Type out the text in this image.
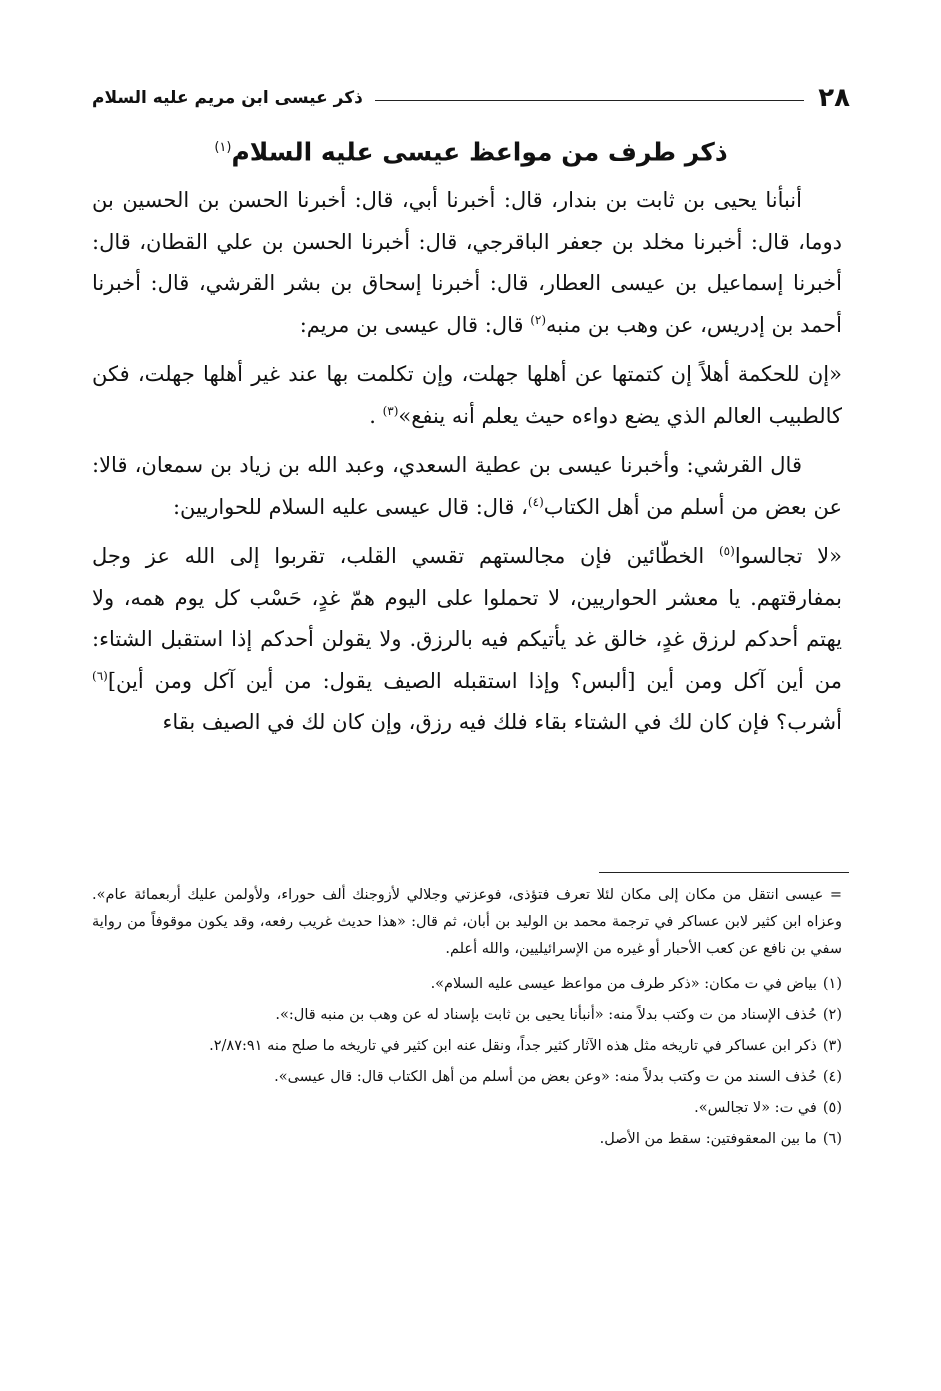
٢٨
ذكر عيسى ابن مريم عليه السلام
ذكر طرف من مواعظ عيسى عليه السلام$^{(١)}$

أنبأنا يحيى بن ثابت بن بندار، قال: أخبرنا أبي، قال: أخبرنا الحسن بن الحسين بن دوما، قال: أخبرنا مخلد بن جعفر الباقرجي، قال: أخبرنا الحسن بن علي القطان، قال: أخبرنا إسماعيل بن عيسى العطار، قال: أخبرنا إسحاق بن بشر القرشي، قال: أخبرنا أحمد بن إدريس، عن وهب بن منبه$^{(٢)}$ قال: قال عيسى بن مريم:

«إن للحكمة أهلاً إن كتمتها عن أهلها جهلت، وإن تكلمت بها عند غير أهلها جهلت، فكن كالطبيب العالم الذي يضع دواءه حيث يعلم أنه ينفع»$^{(٣)}$ .

قال القرشي: وأخبرنا عيسى بن عطية السعدي، وعبد الله بن زياد بن سمعان، قالا: عن بعض من أسلم من أهل الكتاب$^{(٤)}$، قال: قال عيسى عليه السلام للحواريين:

«لا تجالسوا$^{(٥)}$ الخطّائين فإن مجالستهم تقسي القلب، تقربوا إلى الله عز وجل بمفارقتهم. يا معشر الحواريين، لا تحملوا على اليوم همّ غدٍ، حَسْب كل يوم همه، ولا يهتم أحدكم لرزق غدٍ، خالق غد يأتيكم فيه بالرزق. ولا يقولن أحدكم إذا استقبل الشتاء: من أين آكل ومن أين [ألبس؟ وإذا استقبله الصيف يقول: من أين آكل ومن أين]$^{(٦)}$ أشرب؟ فإن كان لك في الشتاء بقاء فلك فيه رزق، وإن كان لك في الصيف بقاء

= عيسى انتقل من مكان إلى مكان لئلا تعرف فتؤذى، فوعزتي وجلالي لأزوجنك ألف حوراء، ولأولمن عليك أربعمائة عام». وعزاه ابن كثير لابن عساكر في ترجمة محمد بن الوليد بن أبان، ثم قال: «هذا حديث غريب رفعه، وقد يكون موقوفاً من رواية سفي بن نافع عن كعب الأحبار أو غيره من الإسرائيليين، والله أعلم.

(١)بياض في ت مكان: «ذكر طرف من مواعظ عيسى عليه السلام».

(٢)حُذف الإسناد من ت وكتب بدلاً منه: «أنبأنا يحيى بن ثابت بإسناد له عن وهب بن منبه قال:».

(٣)ذكر ابن عساكر في تاريخه مثل هذه الآثار كثير جداً، ونقل عنه ابن كثير في تاريخه ما صلح منه ٢/٨٧:٩١.

(٤)حُذف السند من ت وكتب بدلاً منه: «وعن بعض من أسلم من أهل الكتاب قال: قال عيسى».

(٥)في ت: «لا تجالس».

(٦)ما بين المعقوفتين: سقط من الأصل.
